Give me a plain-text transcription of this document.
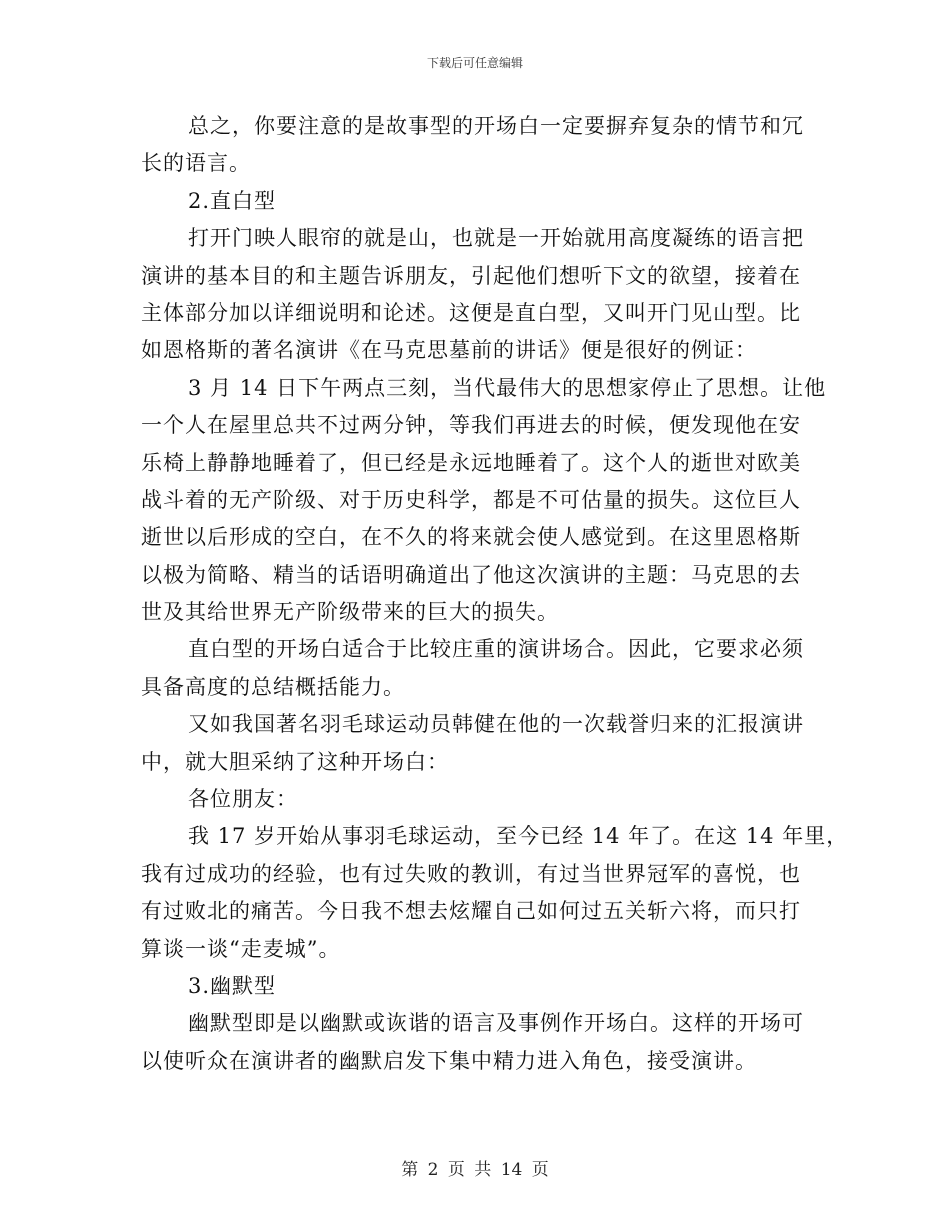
下载后可任意编辑
总之，你要注意的是故事型的开场白一定要摒弃复杂的情节和冗
长的语言。
2.直白型
打开门映人眼帘的就是山，也就是一开始就用高度凝练的语言把
演讲的基本目的和主题告诉朋友，引起他们想听下文的欲望，接着在
主体部分加以详细说明和论述。这便是直白型，又叫开门见山型。比
如恩格斯的著名演讲《在马克思墓前的讲话》便是很好的例证：
3 月 14 日下午两点三刻，当代最伟大的思想家停止了思想。让他
一个人在屋里总共不过两分钟，等我们再进去的时候，便发现他在安
乐椅上静静地睡着了，但已经是永远地睡着了。这个人的逝世对欧美
战斗着的无产阶级、对于历史科学，都是不可估量的损失。这位巨人
逝世以后形成的空白，在不久的将来就会使人感觉到。在这里恩格斯
以极为简略、精当的话语明确道出了他这次演讲的主题：马克思的去
世及其给世界无产阶级带来的巨大的损失。
直白型的开场白适合于比较庄重的演讲场合。因此，它要求必须
具备高度的总结概括能力。
又如我国著名羽毛球运动员韩健在他的一次载誉归来的汇报演讲
中，就大胆采纳了这种开场白：
各位朋友：
我 17 岁开始从事羽毛球运动，至今已经 14 年了。在这 14 年里，
我有过成功的经验，也有过失败的教训，有过当世界冠军的喜悦，也
有过败北的痛苦。今日我不想去炫耀自己如何过五关斩六将，而只打
算谈一谈“走麦城”。
3.幽默型
幽默型即是以幽默或诙谐的语言及事例作开场白。这样的开场可
以使听众在演讲者的幽默启发下集中精力进入角色，接受演讲。
第 2 页 共 14 页
